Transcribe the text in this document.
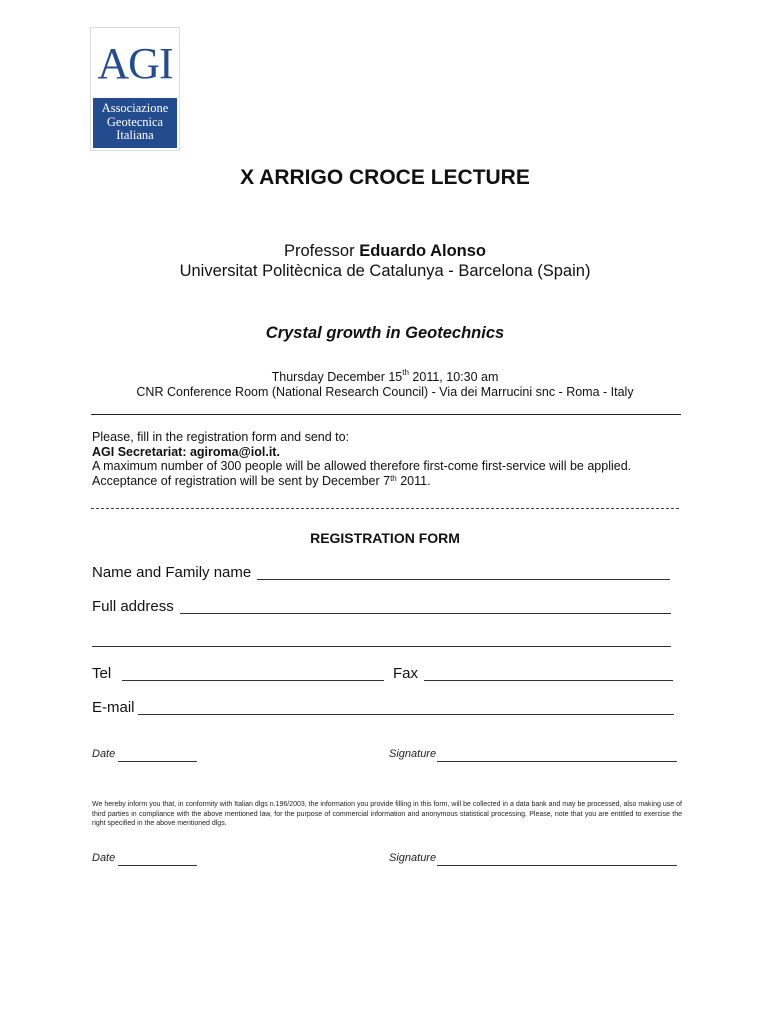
AGI
Associazione
Geotecnica
Italiana
X ARRIGO CROCE LECTURE
Professor Eduardo Alonso
Universitat Politècnica de Catalunya - Barcelona (Spain)
Crystal growth in Geotechnics
Thursday December 15th 2011, 10:30 am
CNR Conference Room (National Research Council) - Via dei Marrucini snc - Roma - Italy
Please, fill in the registration form and send to:
AGI Secretariat: agiroma@iol.it.
A maximum number of 300 people will be allowed therefore first-come first-service will be applied.
Acceptance of registration will be sent by December 7th 2011.
REGISTRATION FORM
Name and Family name
Full address
Tel	Fax
E-mail
Date	Signature
We hereby inform you that, in conformity with Italian dlgs n.196/2003, the information you provide filling in this form, will be collected in a data bank and may be processed, also making use of third parties in compliance with the above mentioned law, for the purpose of commercial information and anonymous statistical processing. Please, note that you are entitled to exercise the right specified in the above mentioned dlgs.
Date	Signature
